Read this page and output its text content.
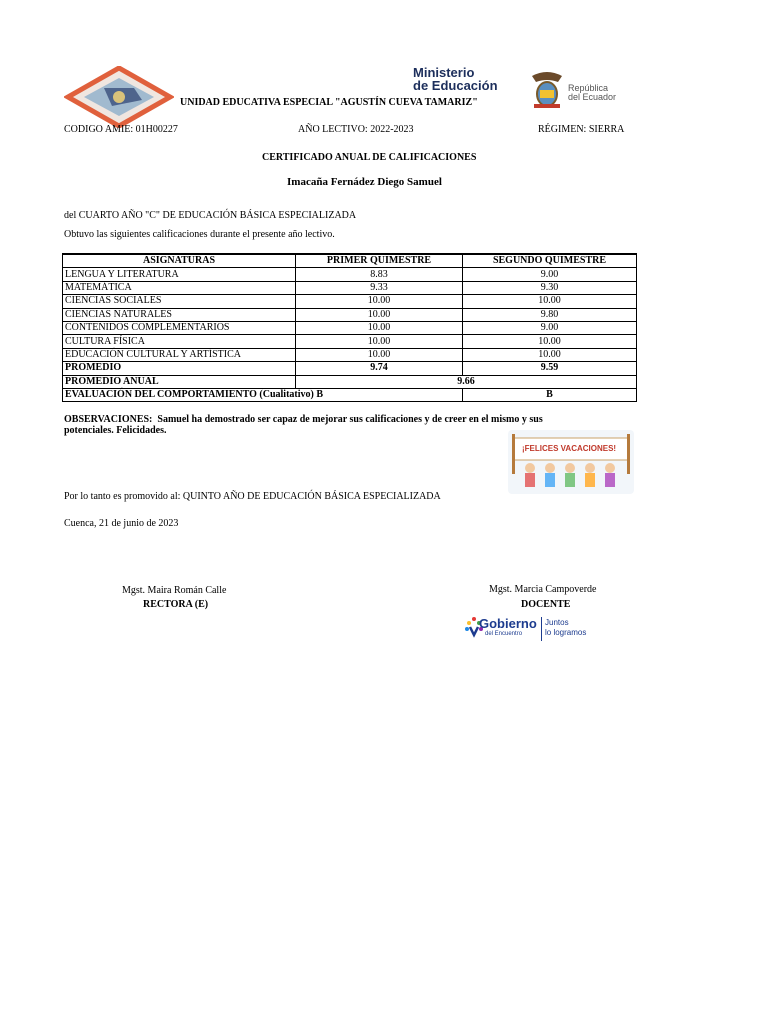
Ministerio
de Educación	República
del Ecuador
UNIDAD EDUCATIVA ESPECIAL "AGUSTÍN CUEVA TAMARIZ"
CODIGO AMIE: 01H00227	AÑO LECTIVO: 2022-2023	RÉGIMEN: SIERRA
CERTIFICADO ANUAL DE CALIFICACIONES
Imacaña Fernádez Diego Samuel
del CUARTO AÑO "C" DE EDUCACIÓN BÁSICA ESPECIALIZADA
Obtuvo las siguientes calificaciones durante el presente año lectivo.
ASIGNATURAS	PRIMER QUIMESTRE	SEGUNDO QUIMESTRE
LENGUA Y LITERATURA	8.83	9.00
MATEMÁTICA	9.33	9.30
CIENCIAS SOCIALES	10.00	10.00
CIENCIAS NATURALES	10.00	9.80
CONTENIDOS COMPLEMENTARIOS	10.00	9.00
CULTURA FÍSICA	10.00	10.00
EDUCACIÓN CULTURAL Y ARTÍSTICA	10.00	10.00
PROMEDIO	9.74	9.59
PROMEDIO ANUAL	9.66	
EVALUACIÓN DEL COMPORTAMIENTO (Cualitativo) B		B
OBSERVACIONES: Samuel ha demostrado ser capaz de mejorar sus calificaciones y de creer en el mismo y sus
potenciales. Felicidades.
¡FELICES VACACIONES!
Por lo tanto es promovido al: QUINTO AÑO DE EDUCACIÓN BÁSICA ESPECIALIZADA
Cuenca, 21 de junio de 2023
Mgst. Maira Román Calle
RECTORA (E)
Mgst. Marcia Campoverde
DOCENTE
Gobierno
del Encuentro
Juntos
lo logramos
